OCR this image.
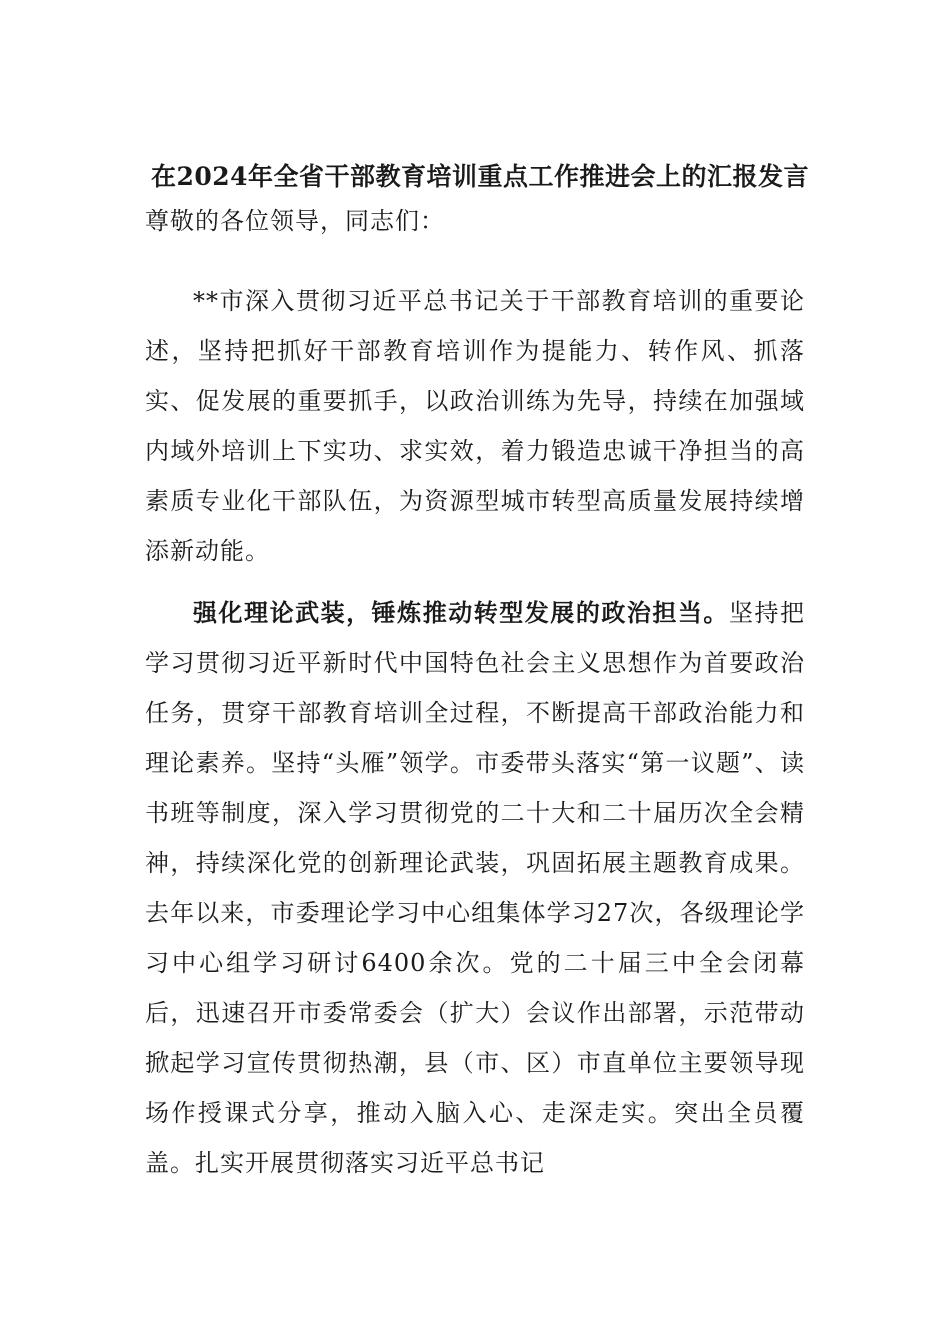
在2024年全省干部教育培训重点工作推进会上的汇报发言
尊敬的各位领导，同志们：
**市深入贯彻习近平总书记关于干部教育培训的重要论述，坚持把抓好干部教育培训作为提能力、转作风、抓落实、促发展的重要抓手，以政治训练为先导，持续在加强域内域外培训上下实功、求实效，着力锻造忠诚干净担当的高素质专业化干部队伍，为资源型城市转型高质量发展持续增添新动能。
强化理论武装，锤炼推动转型发展的政治担当。坚持把学习贯彻习近平新时代中国特色社会主义思想作为首要政治任务，贯穿干部教育培训全过程，不断提高干部政治能力和理论素养。坚持“头雁”领学。市委带头落实“第一议题”、读书班等制度，深入学习贯彻党的二十大和二十届历次全会精神，持续深化党的创新理论武装，巩固拓展主题教育成果。去年以来，市委理论学习中心组集体学习27次，各级理论学习中心组学习研讨6400余次。党的二十届三中全会闭幕后，迅速召开市委常委会（扩大）会议作出部署，示范带动掀起学习宣传贯彻热潮，县（市、区）市直单位主要领导现场作授课式分享，推动入脑入心、走深走实。突出全员覆盖。扎实开展贯彻落实习近平总书记
